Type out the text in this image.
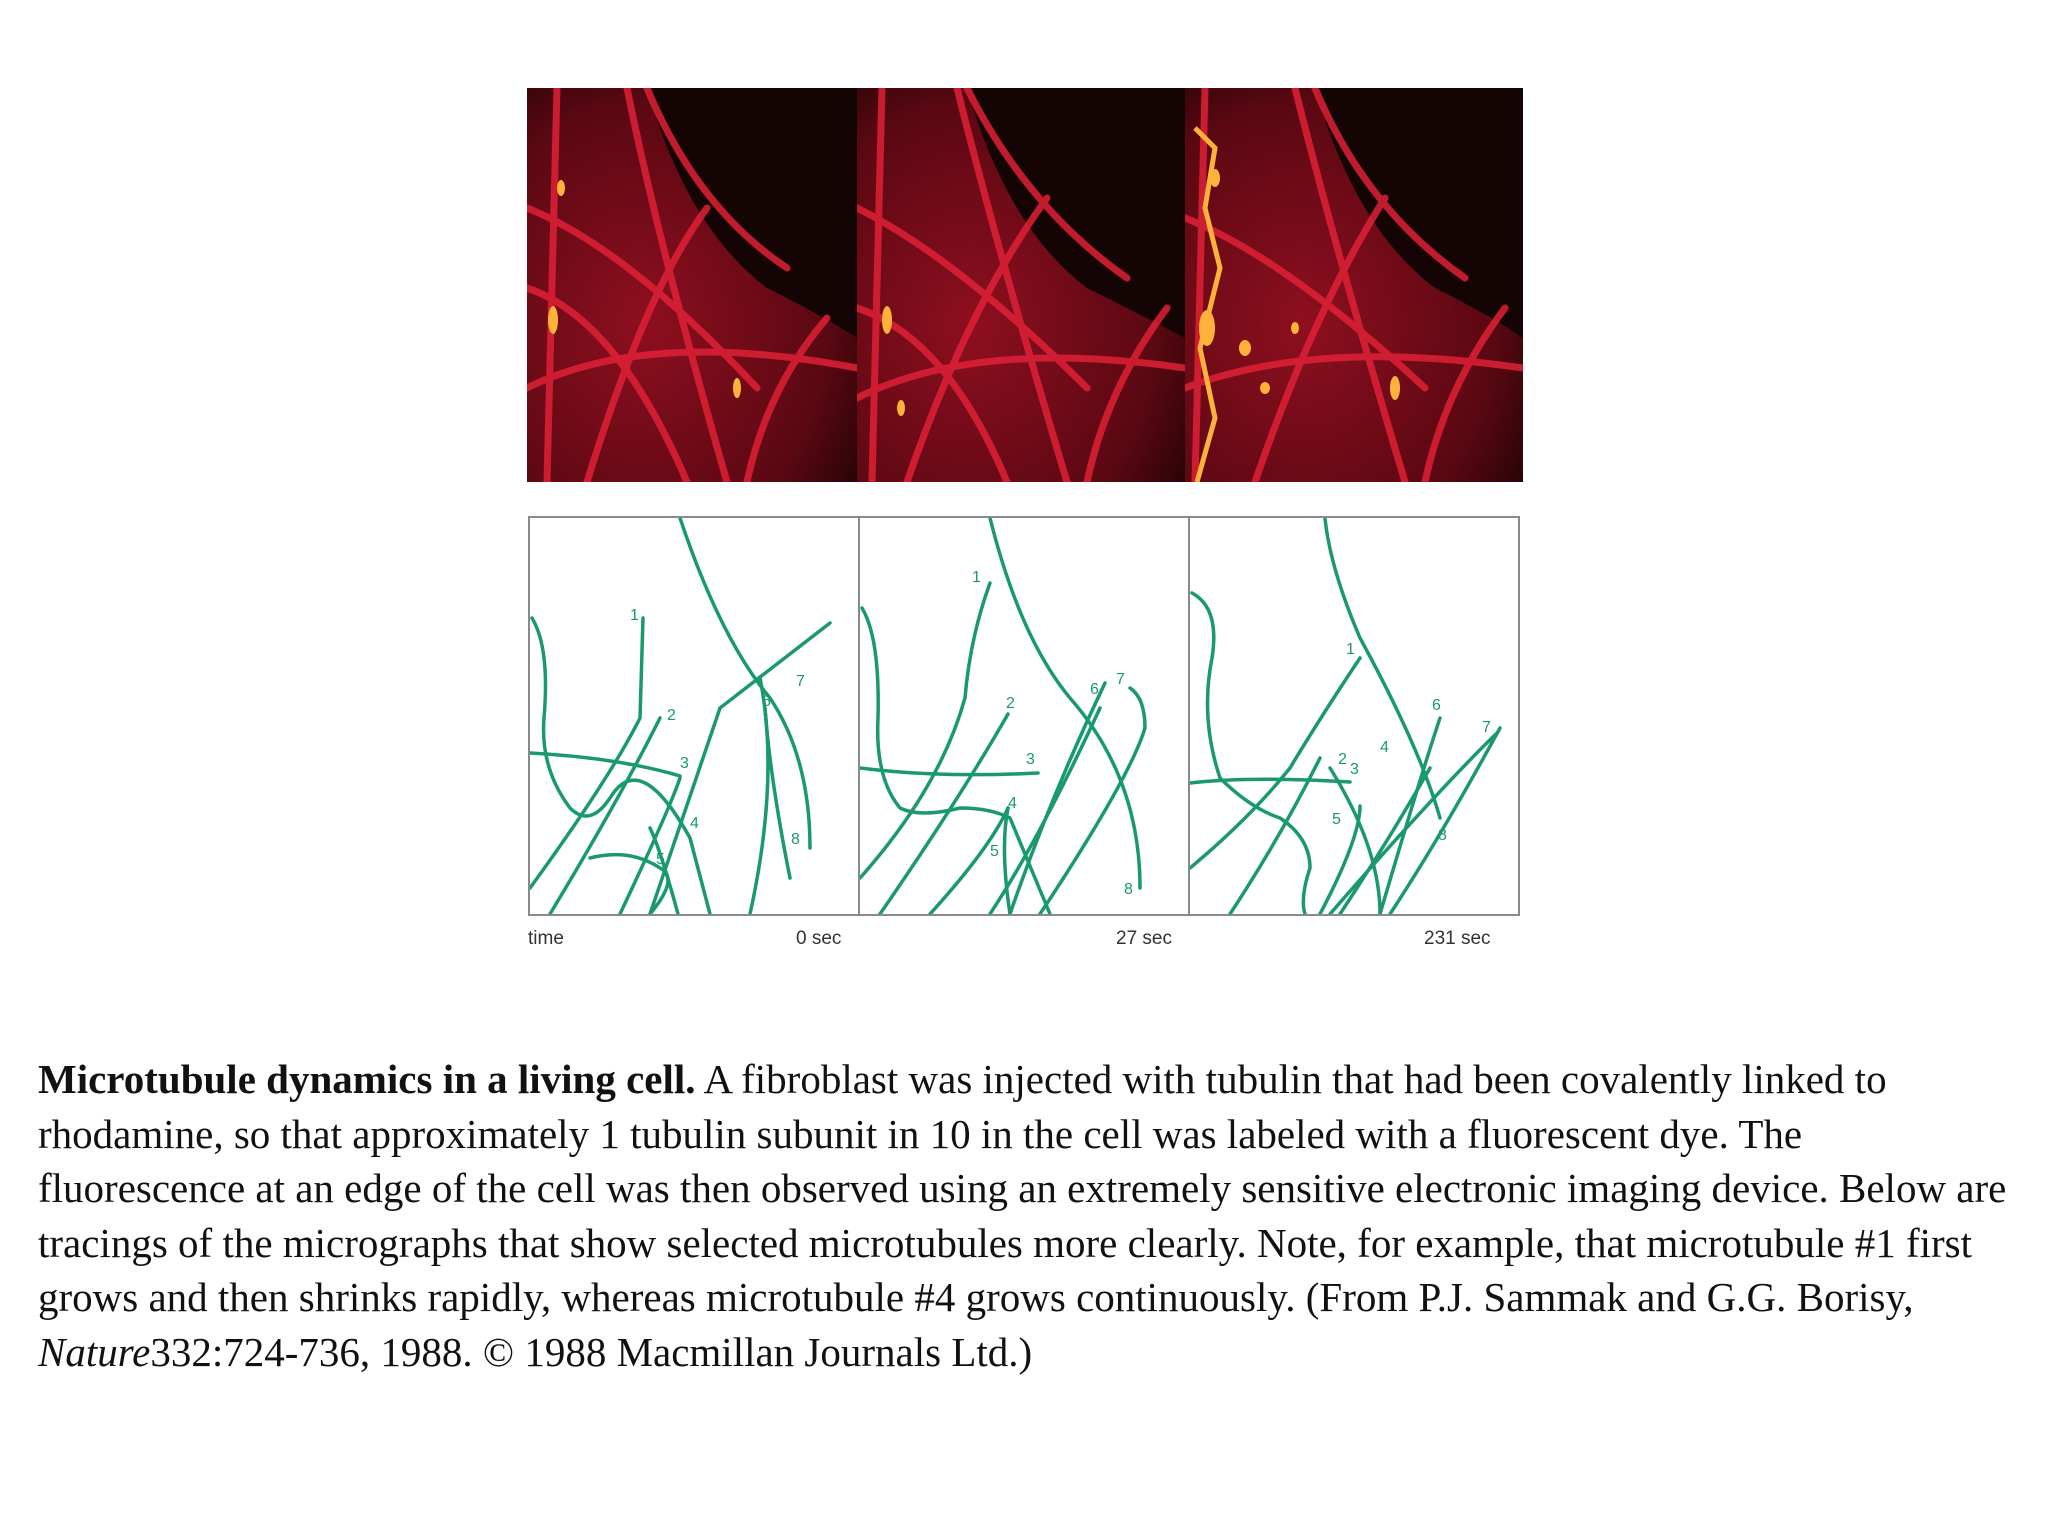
1
2
3
4
5
6
7
8
1
2
3
4
5
6
7
8
1
2
3
4
5
6
7
8
time	0 sec	27 sec	231 sec
Microtubule dynamics in a living cell. A fibroblast was injected with tubulin that had been covalently linked to rhodamine, so that approximately 1 tubulin subunit in 10 in the cell was labeled with a fluorescent dye. The fluorescence at an edge of the cell was then observed using an extremely sensitive electronic imaging device. Below are tracings of the micrographs that show selected microtubules more clearly. Note, for example, that microtubule #1 first grows and then shrinks rapidly, whereas microtubule #4 grows continuously. (From P.J. Sammak and G.G. Borisy, Nature332:724-736, 1988. © 1988 Macmillan Journals Ltd.)
